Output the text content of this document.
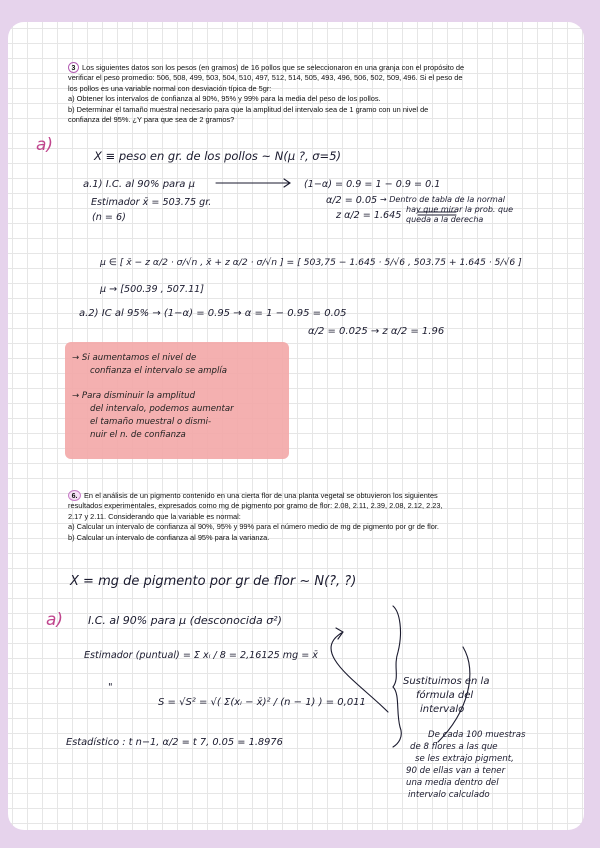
3 Los siguientes datos son los pesos (en gramos) de 16 pollos que se seleccionaron en una granja con el propósito de

verificar el peso promedio: 506, 508, 499, 503, 504, 510, 497, 512, 514, 505, 493, 496, 506, 502, 509, 496. Si el peso de

los pollos es una variable normal con desviación típica de 5gr:

a) Obtener los intervalos de confianza al 90%, 95% y 99% para la media del peso de los pollos.

b) Determinar el tamaño muestral necesario para que la amplitud del intervalo sea de 1 gramo con un nivel de

confianza del 95%. ¿Y para que sea de 2 gramos?

a)
X ≡ peso en gr. de los pollos ~ N(μ ?, σ=5)
a.1) I.C. al 90% para μ	(1−α) = 0.9 = 1 − 0.9 = 0.1
α/2 = 0.05 → Dentro de tabla de la normal
hay que mirar la prob. que
queda a la derecha
Estimador x̄ = 503.75 gr.
(n = 6)	z α/2 = 1.645
μ ∈ [ x̄ − z α/2 · σ/√n , x̄ + z α/2 · σ/√n ] = [ 503,75 − 1.645 · 5/√6 , 503.75 + 1.645 · 5/√6 ]
μ → [500.39 , 507.11]
a.2) IC al 95% → (1−α) = 0.95 → α = 1 − 0.95 = 0.05
α/2 = 0.025 → z α/2 = 1.96
→ Si aumentamos el nivel de
confianza el intervalo se amplía
→ Para disminuir la amplitud
del intervalo, podemos aumentar
el tamaño muestral o dismi-
nuir el n. de confianza

6. En el análisis de un pigmento contenido en una cierta flor de una planta vegetal se obtuvieron los siguientes

resultados experimentales, expresados como mg de pigmento por gramo de flor: 2.08, 2.11, 2.39, 2.08, 2.12, 2.23,

2.17 y 2.11. Considerando que la variable es normal:

a) Calcular un intervalo de confianza al 90%, 95% y 99% para el número medio de mg de pigmento por gr de flor.

b) Calcular un intervalo de confianza al 95% para la varianza.

X = mg de pigmento por gr de flor ~ N(?, ?)
a) I.C. al 90% para μ (desconocida σ²)
Estimador (puntual) = Σ xᵢ / 8 = 2,16125 mg = x̄
"
S = √S² = √( Σ(xᵢ − x̄)² / (n − 1) ) = 0,011
Estadístico : t n−1, α/2 = t 7, 0.05 = 1.8976
Sustituimos en la
fórmula del
intervalo
De cada 100 muestras
de 8 flores a las que
se les extrajo pigment,
90 de ellas van a tener
una media dentro del
intervalo calculado
